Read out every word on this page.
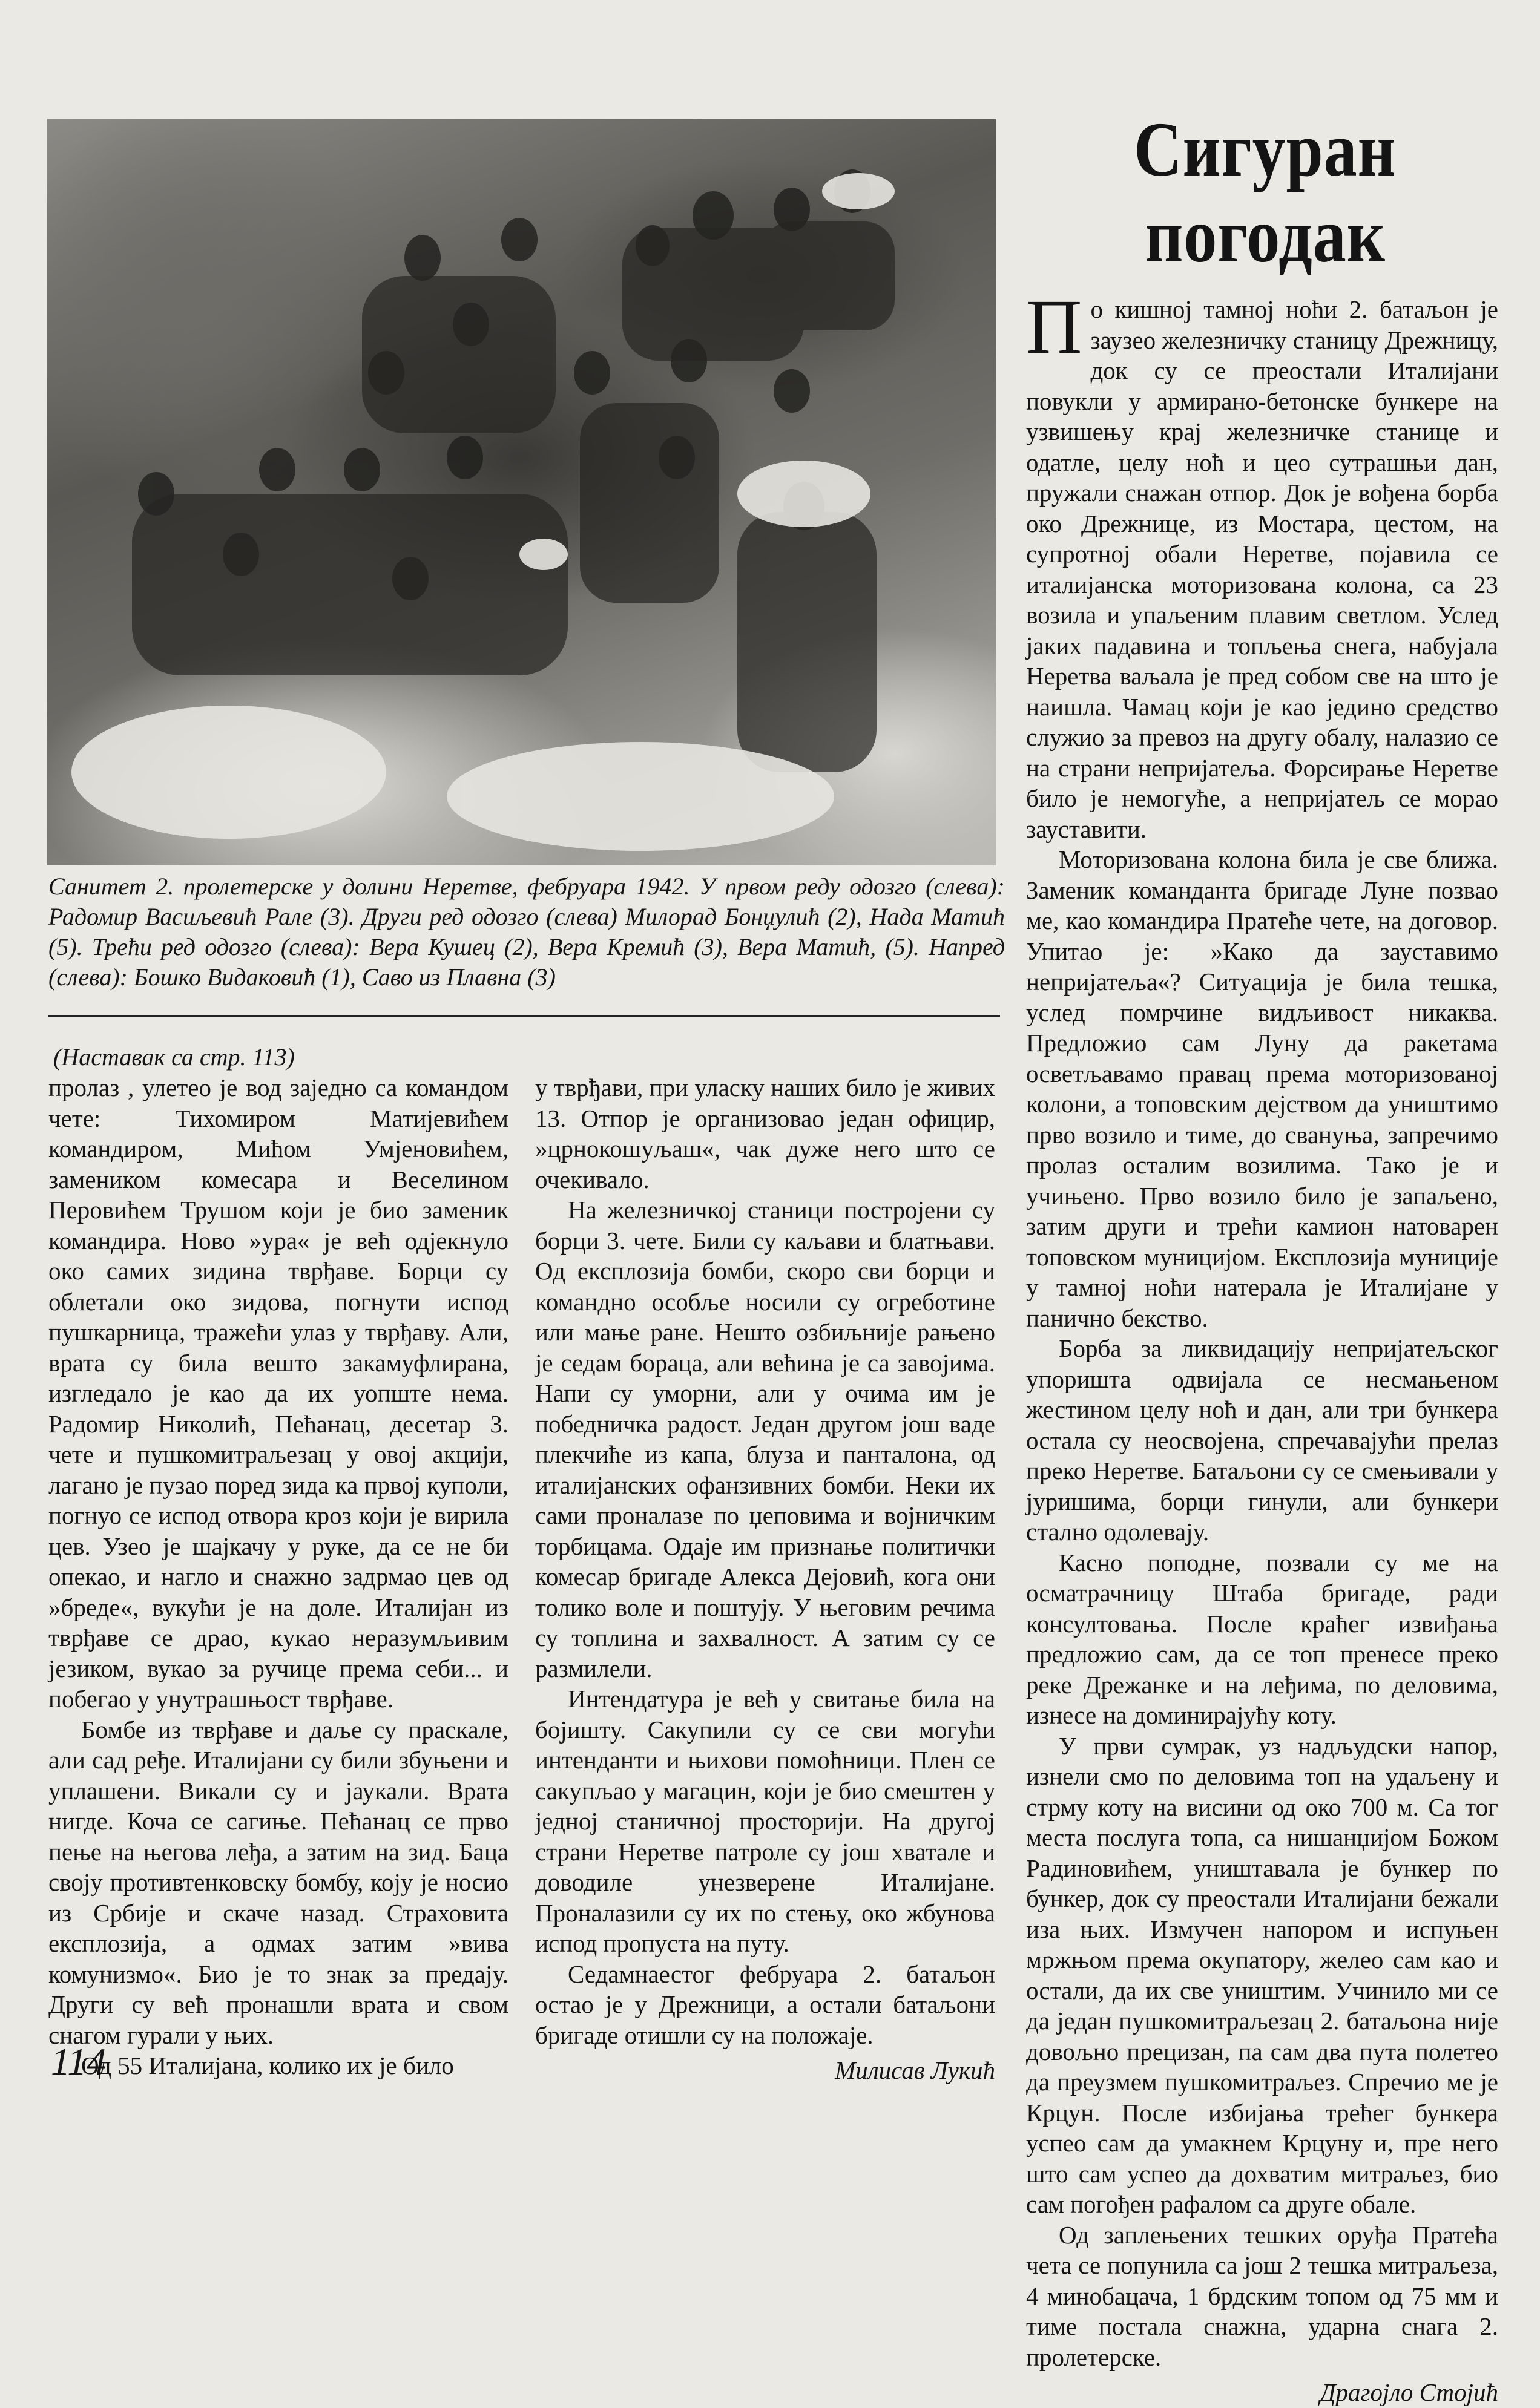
Санитет 2. пролетерске у долини Неретве, фебруара 1942. У првом реду одозго (слева): Радомир Васиљевић Рале (3). Други ред одозго (слева) Милорад Бонџулић (2), Нада Матић (5). Трећи ред одозго (слева): Вера Кушец (2), Вера Кремић (3), Вера Матић, (5). Напред (слева): Бошко Видаковић (1), Саво из Плавна (3)
Сигуран
погодак
(Наставак са стр. 113)

пролаз , улетео је вод заједно са командом чете: Тихомиром Матијевићем командиром, Мићом Умјеновићем, замеником комесара и Веселином Перовићем Трушом који је био заменик командира. Ново »ура« је већ одјекнуло око самих зидина тврђаве. Борци су облетали око зидова, погнути испод пушкарница, тражећи улаз у тврђаву. Али, врата су била вешто закамуфлирана, изгледало је као да их уопште нема. Радомир Николић, Пећанац, десетар 3. чете и пушкомитраљезац у овој акцији, лагано је пузао поред зида ка првој куполи, погнуо се испод отвора кроз који је вирила цев. Узео је шајкачу у руке, да се не би опекао, и нагло и снажно задрмао цев од »бреде«, вукући је на доле. Италијан из тврђаве се драо, кукао неразумљивим језиком, вукао за ручице према себи... и побегао у унутрашњост тврђаве.

Бомбе из тврђаве и даље су праскале, али сад ређе. Италијани су били збуњени и уплашени. Викали су и јаукали. Врата нигде. Коча се сагиње. Пећанац се прво пење на његова леђа, а затим на зид. Баца своју противтенковску бомбу, коју је носио из Србије и скаче назад. Страховита експлозија, а одмах затим »вива комунизмо«. Био је то знак за предају. Други су већ пронашли врата и свом снагом гурали у њих.

Од 55 Италијана, колико их је било

у тврђави, при уласку наших било је живих 13. Отпор је организовао један официр, »црнокошуљаш«, чак дуже него што се очекивало.

На железничкој станици постројени су борци 3. чете. Били су каљави и блатњави. Од експлозија бомби, скоро сви борци и командно особље носили су огреботине или мање ране. Нешто озбиљније рањено је седам бораца, али већина је са завојима. Напи су уморни, али у очима им је победничка радост. Један другом још ваде плекчиће из капа, блуза и панталона, од италијанских офанзивних бомби. Неки их сами проналазе по џеповима и војничким торбицама. Одаје им признање политички комесар бригаде Алекса Дејовић, кога они толико воле и поштују. У његовим речима су топлина и захвалност. А затим су се размилели.

Интендатура је већ у свитање била на бојишту. Сакупили су се сви могући интенданти и њихови помоћници. Плен се сакупљао у магацин, који је био смештен у једној станичној просторији. На другој страни Неретве патроле су још хватале и доводиле унезверене Италијане. Проналазили су их по стењу, око жбунова испод пропуста на путу.

Седамнаестог фебруара 2. батаљон остао је у Дрежници, а остали батаљони бригаде отишли су на положаје.

Милисав Лукић

По кишној тамној ноћи 2. батаљон је заузео железничку станицу Дрежницу, док су се преостали Италијани повукли у армирано-бетонске бункере на узвишењу крај железничке станице и одатле, целу ноћ и цео сутрашњи дан, пружали снажан отпор. Док је вођена борба око Дрежнице, из Мостара, цестом, на супротној обали Неретве, појавила се италијанска моторизована колона, са 23 возила и упаљеним плавим светлом. Услед јаких падавина и топљења снега, набујала Неретва ваљала је пред собом све на што је наишла. Чамац који је као једино средство служио за превоз на другу обалу, налазио се на страни непријатеља. Форсирање Неретве било је немогуће, а непријатељ се морао зауставити.

Моторизована колона била је све ближа. Заменик команданта бригаде Луне позвао ме, као командира Пратеће чете, на договор. Упитао је: »Како да зауставимо непријатеља«? Ситуација је била тешка, услед помрчине видљивост никаква. Предложио сам Луну да ракетама осветљавамо правац према моторизованој колони, а топовским дејством да уништимо прво возило и тиме, до свануња, запречимо пролаз осталим возилима. Тако је и учињено. Прво возило било је запаљено, затим други и трећи камион натоварен топовском муницијом. Експлозија муниције у тамној ноћи натерала је Италијане у панично бекство.

Борба за ликвидацију непријатељског упоришта одвијала се несмањеном жестином целу ноћ и дан, али три бункера остала су неосвојена, спречавајући прелаз преко Неретве. Батаљони су се смењивали у јуришима, борци гинули, али бункери стално одолевају.

Касно поподне, позвали су ме на осматрачницу Штаба бригаде, ради консултовања. После краћег извиђања предложио сам, да се топ пренесе преко реке Дрежанке и на леђима, по деловима, изнесе на доминирајућу коту.

У први сумрак, уз надљудски напор, изнели смо по деловима топ на удаљену и стрму коту на висини од око 700 м. Са тог места послуга топа, са нишанџијом Божом Радиновићем, уништавала је бункер по бункер, док су преостали Италијани бежали иза њих. Измучен напором и испуњен мржњом према окупатору, желео сам као и остали, да их све уништим. Учинило ми се да један пушкомитраљезац 2. батаљона није довољно прецизан, па сам два пута полетео да преузмем пушкомитраљез. Спречио ме је Крцун. После избијања трећег бункера успео сам да умакнем Крцуну и, пре него што сам успео да дохватим митраљез, био сам погођен рафалом са друге обале.

Од заплењених тешких оруђа Пратећа чета се попунила са још 2 тешка митраљеза, 4 минобацача, 1 брдским топом од 75 мм и тиме постала снажна, ударна снага 2. пролетерске.

Драгојло Стојић
114
